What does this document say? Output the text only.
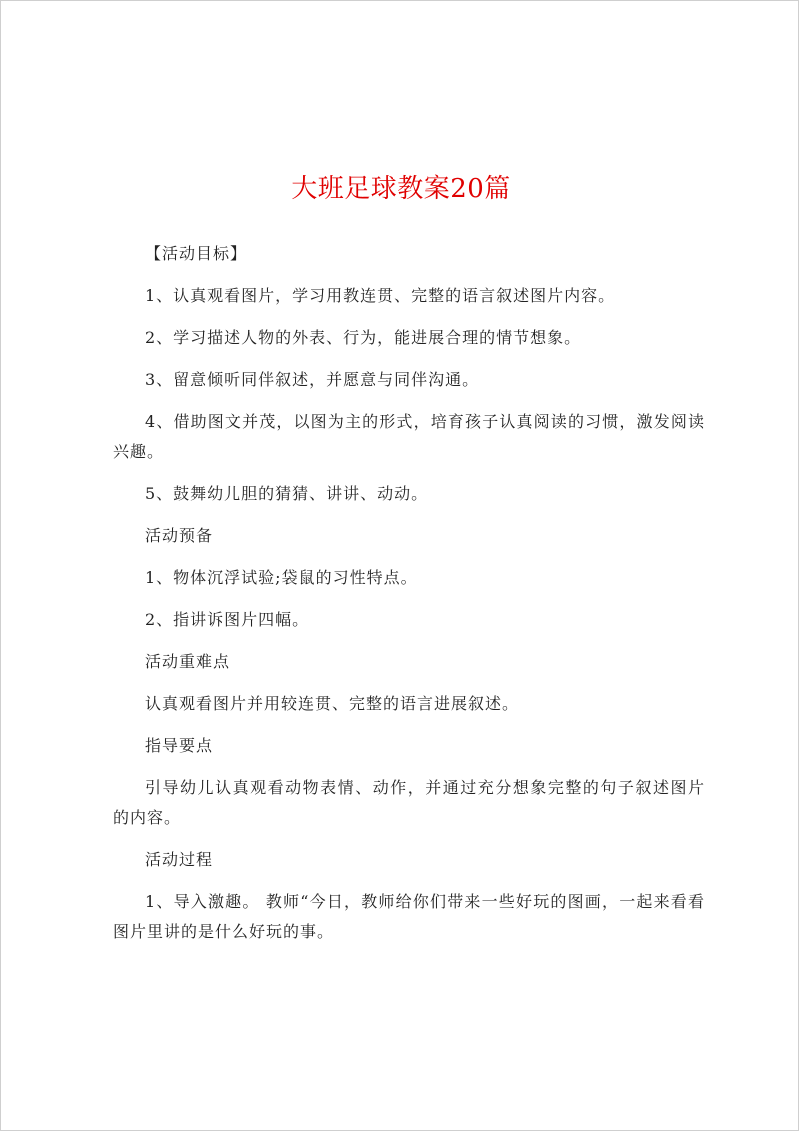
大班足球教案20篇

【活动目标】

1、认真观看图片，学习用教连贯、完整的语言叙述图片内容。

2、学习描述人物的外表、行为，能进展合理的情节想象。

3、留意倾听同伴叙述，并愿意与同伴沟通。

4、借助图文并茂，以图为主的形式，培育孩子认真阅读的习惯，激发阅读兴趣。

5、鼓舞幼儿胆的猜猜、讲讲、动动。

活动预备

1、物体沉浮试验;袋鼠的习性特点。

2、指讲诉图片四幅。

活动重难点

认真观看图片并用较连贯、完整的语言进展叙述。

指导要点

引导幼儿认真观看动物表情、动作，并通过充分想象完整的句子叙述图片的内容。

活动过程

1、导入激趣。 教师“今日，教师给你们带来一些好玩的图画，一起来看看图片里讲的是什么好玩的事。
